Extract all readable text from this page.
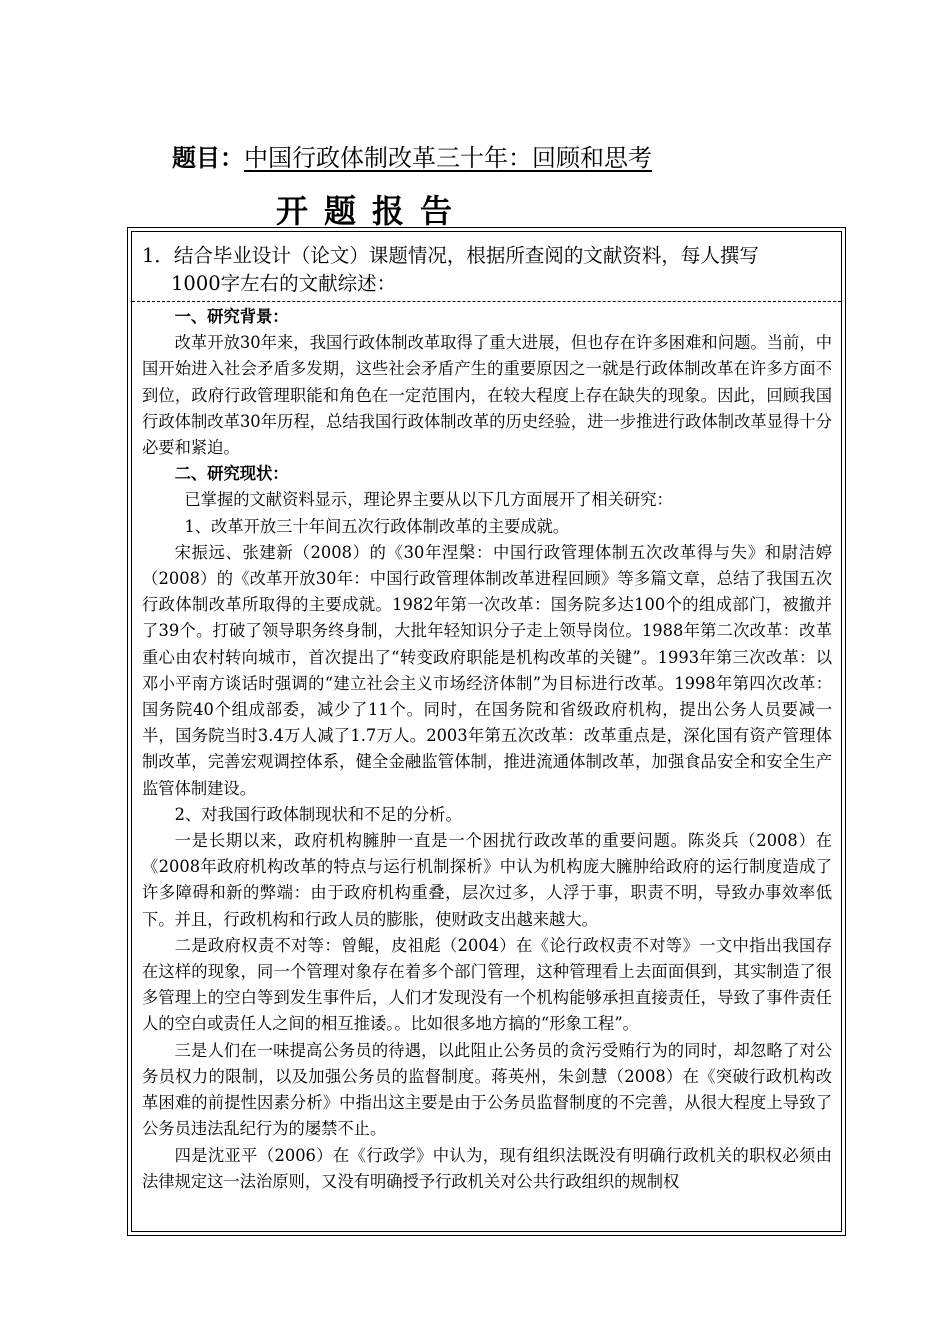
题目：中国行政体制改革三十年：回顾和思考
开题报告
1．结合毕业设计（论文）课题情况，根据所查阅的文献资料，每人撰写
1000字左右的文献综述：
一、研究背景：

改革开放30年来，我国行政体制改革取得了重大进展，但也存在许多困难和问题。当前，中国开始进入社会矛盾多发期，这些社会矛盾产生的重要原因之一就是行政体制改革在许多方面不到位，政府行政管理职能和角色在一定范围内，在较大程度上存在缺失的现象。因此，回顾我国行政体制改革30年历程，总结我国行政体制改革的历史经验，进一步推进行政体制改革显得十分必要和紧迫。

二、研究现状：

已掌握的文献资料显示，理论界主要从以下几方面展开了相关研究：

1、改革开放三十年间五次行政体制改革的主要成就。

宋振远、张建新（2008）的《30年涅槃：中国行政管理体制五次改革得与失》和尉洁婷（2008）的《改革开放30年：中国行政管理体制改革进程回顾》等多篇文章，总结了我国五次行政体制改革所取得的主要成就。1982年第一次改革：国务院多达100个的组成部门，被撤并了39个。打破了领导职务终身制，大批年轻知识分子走上领导岗位。1988年第二次改革：改革重心由农村转向城市，首次提出了“转变政府职能是机构改革的关键”。1993年第三次改革：以邓小平南方谈话时强调的“建立社会主义市场经济体制”为目标进行改革。1998年第四次改革：国务院40个组成部委，减少了11个。同时，在国务院和省级政府机构，提出公务人员要减一半，国务院当时3.4万人减了1.7万人。2003年第五次改革：改革重点是，深化国有资产管理体制改革，完善宏观调控体系，健全金融监管体制，推进流通体制改革，加强食品安全和安全生产监管体制建设。

2、对我国行政体制现状和不足的分析。

一是长期以来，政府机构臃肿一直是一个困扰行政改革的重要问题。陈炎兵（2008）在《2008年政府机构改革的特点与运行机制探析》中认为机构庞大臃肿给政府的运行制度造成了许多障碍和新的弊端：由于政府机构重叠，层次过多，人浮于事，职责不明，导致办事效率低下。并且，行政机构和行政人员的膨胀，使财政支出越来越大。

二是政府权责不对等：曾鲲，皮祖彪（2004）在《论行政权责不对等》一文中指出我国存在这样的现象，同一个管理对象存在着多个部门管理，这种管理看上去面面俱到，其实制造了很多管理上的空白等到发生事件后，人们才发现没有一个机构能够承担直接责任，导致了事件责任人的空白或责任人之间的相互推诿。。比如很多地方搞的“形象工程”。

三是人们在一味提高公务员的待遇，以此阻止公务员的贪污受贿行为的同时，却忽略了对公务员权力的限制，以及加强公务员的监督制度。蒋英州，朱剑慧（2008）在《突破行政机构改革困难的前提性因素分析》中指出这主要是由于公务员监督制度的不完善，从很大程度上导致了公务员违法乱纪行为的屡禁不止。

四是沈亚平（2006）在《行政学》中认为，现有组织法既没有明确行政机关的职权必须由法律规定这一法治原则，又没有明确授予行政机关对公共行政组织的规制权
